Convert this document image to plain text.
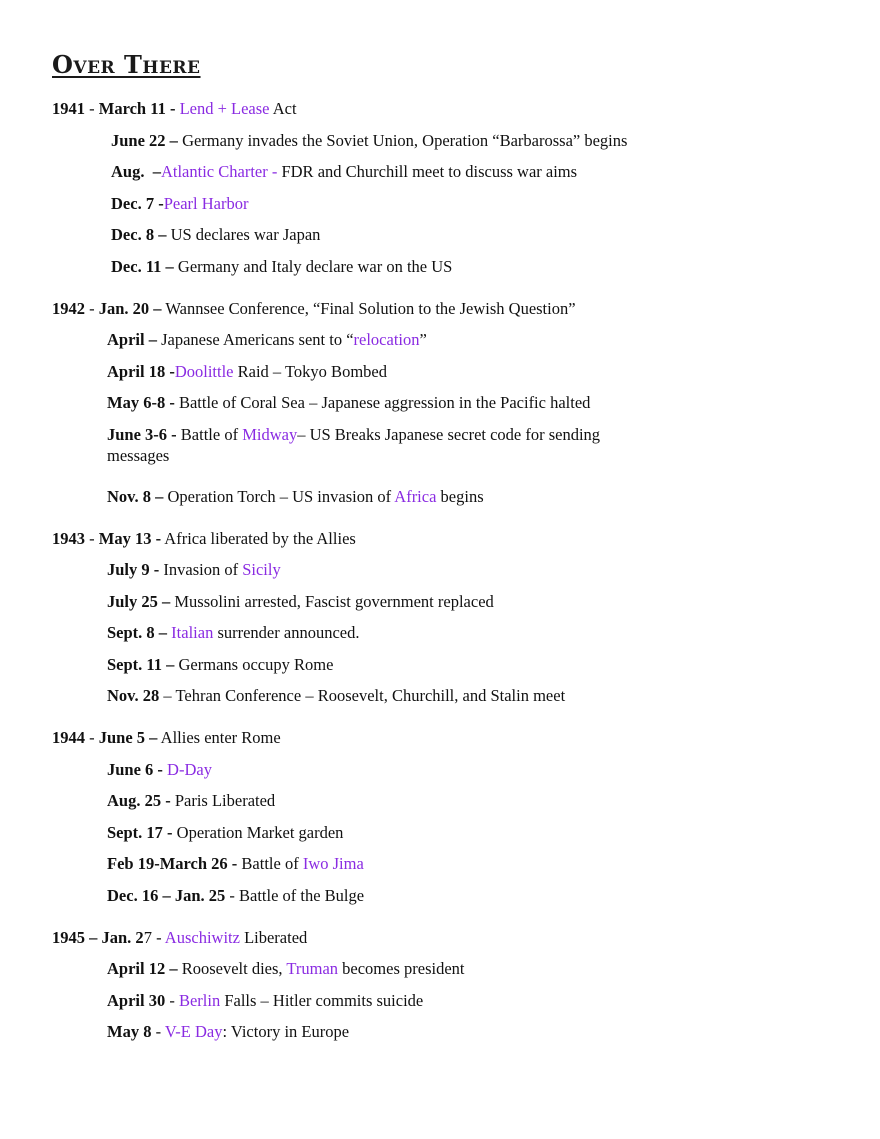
Over There
1941 - March 11 - Lend + Lease Act
June 22 – Germany invades the Soviet Union, Operation “Barbarossa” begins
Aug.  –Atlantic Charter - FDR and Churchill meet to discuss war aims
Dec. 7 -Pearl Harbor
Dec. 8 – US declares war Japan
Dec. 11 – Germany and Italy declare war on the US
1942 - Jan. 20 – Wannsee Conference, “Final Solution to the Jewish Question”
April – Japanese Americans sent to “relocation”
April 18 -Doolittle Raid – Tokyo Bombed
May 6-8 - Battle of Coral Sea – Japanese aggression in the Pacific halted
June 3-6 - Battle of Midway– US Breaks Japanese secret code for sending messages
Nov. 8 – Operation Torch – US invasion of Africa begins
1943 - May 13 - Africa liberated by the Allies
July 9 - Invasion of Sicily
July 25 – Mussolini arrested, Fascist government replaced
Sept. 8 – Italian surrender announced.
Sept. 11 – Germans occupy Rome
Nov. 28 – Tehran Conference – Roosevelt, Churchill, and Stalin meet
1944 - June 5 – Allies enter Rome
June 6 - D-Day
Aug. 25 - Paris Liberated
Sept. 17 - Operation Market garden
Feb 19-March 26 - Battle of Iwo Jima
Dec. 16 – Jan. 25 - Battle of the Bulge
1945 – Jan. 27 - Auschiwitz Liberated
April 12 – Roosevelt dies, Truman becomes president
April 30 - Berlin Falls – Hitler commits suicide
May 8 - V-E Day: Victory in Europe
